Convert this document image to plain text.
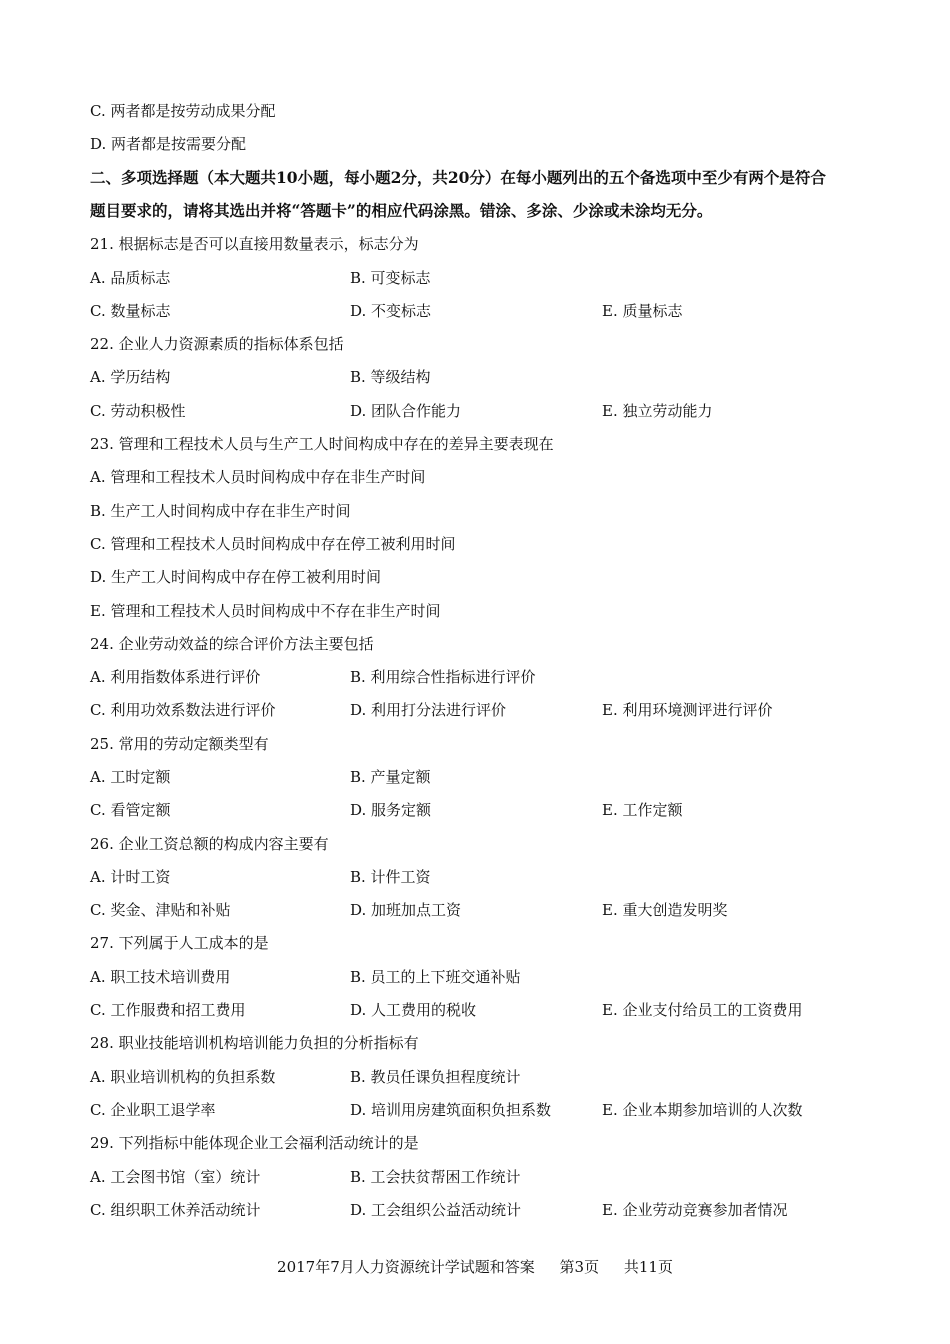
C. 两者都是按劳动成果分配
D. 两者都是按需要分配
二、多项选择题（本大题共10小题，每小题2分，共20分）在每小题列出的五个备选项中至少有两个是符合
题目要求的，请将其选出并将“答题卡”的相应代码涂黑。错涂、多涂、少涂或未涂均无分。
21. 根据标志是否可以直接用数量表示，标志分为
A. 品质标志	B. 可变标志
C. 数量标志	D. 不变标志	E. 质量标志
22. 企业人力资源素质的指标体系包括
A. 学历结构	B. 等级结构
C. 劳动积极性	D. 团队合作能力	E. 独立劳动能力
23. 管理和工程技术人员与生产工人时间构成中存在的差异主要表现在
A. 管理和工程技术人员时间构成中存在非生产时间
B. 生产工人时间构成中存在非生产时间
C. 管理和工程技术人员时间构成中存在停工被利用时间
D. 生产工人时间构成中存在停工被利用时间
E. 管理和工程技术人员时间构成中不存在非生产时间
24. 企业劳动效益的综合评价方法主要包括
A. 利用指数体系进行评价	B. 利用综合性指标进行评价
C. 利用功效系数法进行评价	D. 利用打分法进行评价	E. 利用环境测评进行评价
25. 常用的劳动定额类型有
A. 工时定额	B. 产量定额
C. 看管定额	D. 服务定额	E. 工作定额
26. 企业工资总额的构成内容主要有
A. 计时工资	B. 计件工资
C. 奖金、津贴和补贴	D. 加班加点工资	E. 重大创造发明奖
27. 下列属于人工成本的是
A. 职工技术培训费用	B. 员工的上下班交通补贴
C. 工作服费和招工费用	D. 人工费用的税收	E. 企业支付给员工的工资费用
28. 职业技能培训机构培训能力负担的分析指标有
A. 职业培训机构的负担系数	B. 教员任课负担程度统计
C. 企业职工退学率	D. 培训用房建筑面积负担系数	E. 企业本期参加培训的人次数
29. 下列指标中能体现企业工会福利活动统计的是
A. 工会图书馆（室）统计	B. 工会扶贫帮困工作统计
C. 组织职工休养活动统计	D. 工会组织公益活动统计	E. 企业劳动竞赛参加者情况
2017年7月人力资源统计学试题和答案 第3页 共11页
